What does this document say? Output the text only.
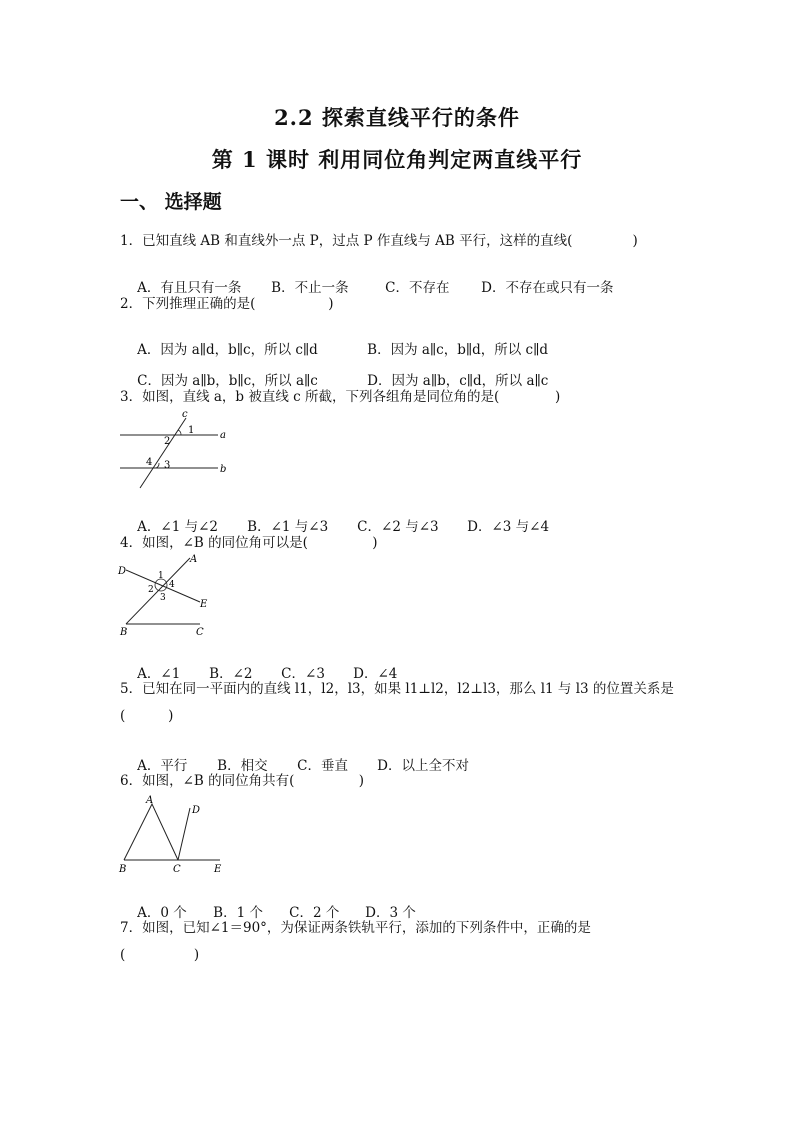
2.2 探索直线平行的条件
第 1 课时 利用同位角判定两直线平行
一、 选择题
1．已知直线 AB 和直线外一点 P，过点 P 作直线与 AB 平行，这样的直线(              )

A．有且只有一条 B．不止一条	C．不存在 D．不存在或只有一条

2．下列推理正确的是(                 )

A．因为 a∥d，b∥c，所以 c∥d	B．因为 a∥c，b∥d，所以 c∥d

C．因为 a∥b，b∥c，所以 a∥c	D．因为 a∥b，c∥d，所以 a∥c

3．如图，直线 a，b 被直线 c 所截，下列各组角是同位角的是(             )
c
1
2
a
4 3	b

A．∠1 与∠2 B．∠1 与∠3 C．∠2 与∠3 D．∠3 与∠4

4．如图，∠B 的同位角可以是(               )
A
D	1
2 4
3
E
B	C

A．∠1 B．∠2 C．∠3 D．∠4

5．已知在同一平面内的直线 l1，l2，l3，如果 l1⊥l2，l2⊥l3，那么 l1 与 l3 的位置关系是
(          )

A．平行 B．相交 C．垂直 D．以上全不对

6．如图，∠B 的同位角共有(               )
A
D
B	C	E

A．0 个 B．1 个 C．2 个 D．3 个

7．如图，已知∠1＝90°，为保证两条铁轨平行，添加的下列条件中，正确的是
(                )
